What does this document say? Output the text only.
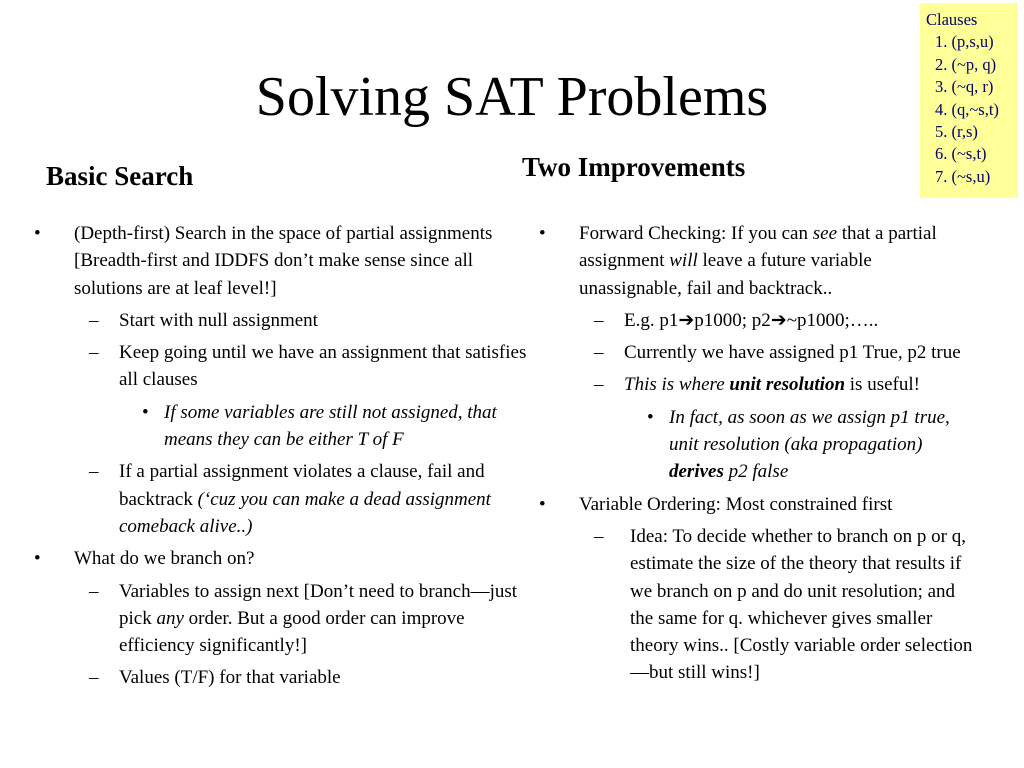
Solving SAT Problems
Clauses
1. (p,s,u)
2. (~p, q)
3. (~q, r)
4. (q,~s,t)
5. (r,s)
6. (~s,t)
7. (~s,u)
Basic Search	Two Improvements
• (Depth-first) Search in the space of partial assignments [Breadth-first and IDDFS don’t make sense since all solutions are at leaf level!]
– Start with null assignment
– Keep going until we have an assignment that satisfies all clauses
• If some variables are still not assigned, that means they can be either T of F
– If a partial assignment violates a clause, fail and backtrack (‘cuz you can make a dead assignment comeback alive..)
• What do we branch on?
– Variables to assign next [Don’t need to branch—just pick any order. But a good order can improve efficiency significantly!]
– Values (T/F) for that variable
• Forward Checking: If you can see that a partial assignment will leave a future variable unassignable, fail and backtrack..
– E.g. p1➔p1000; p2➔~p1000;…..
– Currently we have assigned p1 True, p2 true
– This is where unit resolution is useful!
• In fact, as soon as we assign p1 true, unit resolution (aka propagation) derives p2 false
• Variable Ordering: Most constrained first
– Idea: To decide whether to branch on p or q, estimate the size of the theory that results if we branch on p and do unit resolution; and the same for q. whichever gives smaller theory wins.. [Costly variable order selection—but still wins!]
